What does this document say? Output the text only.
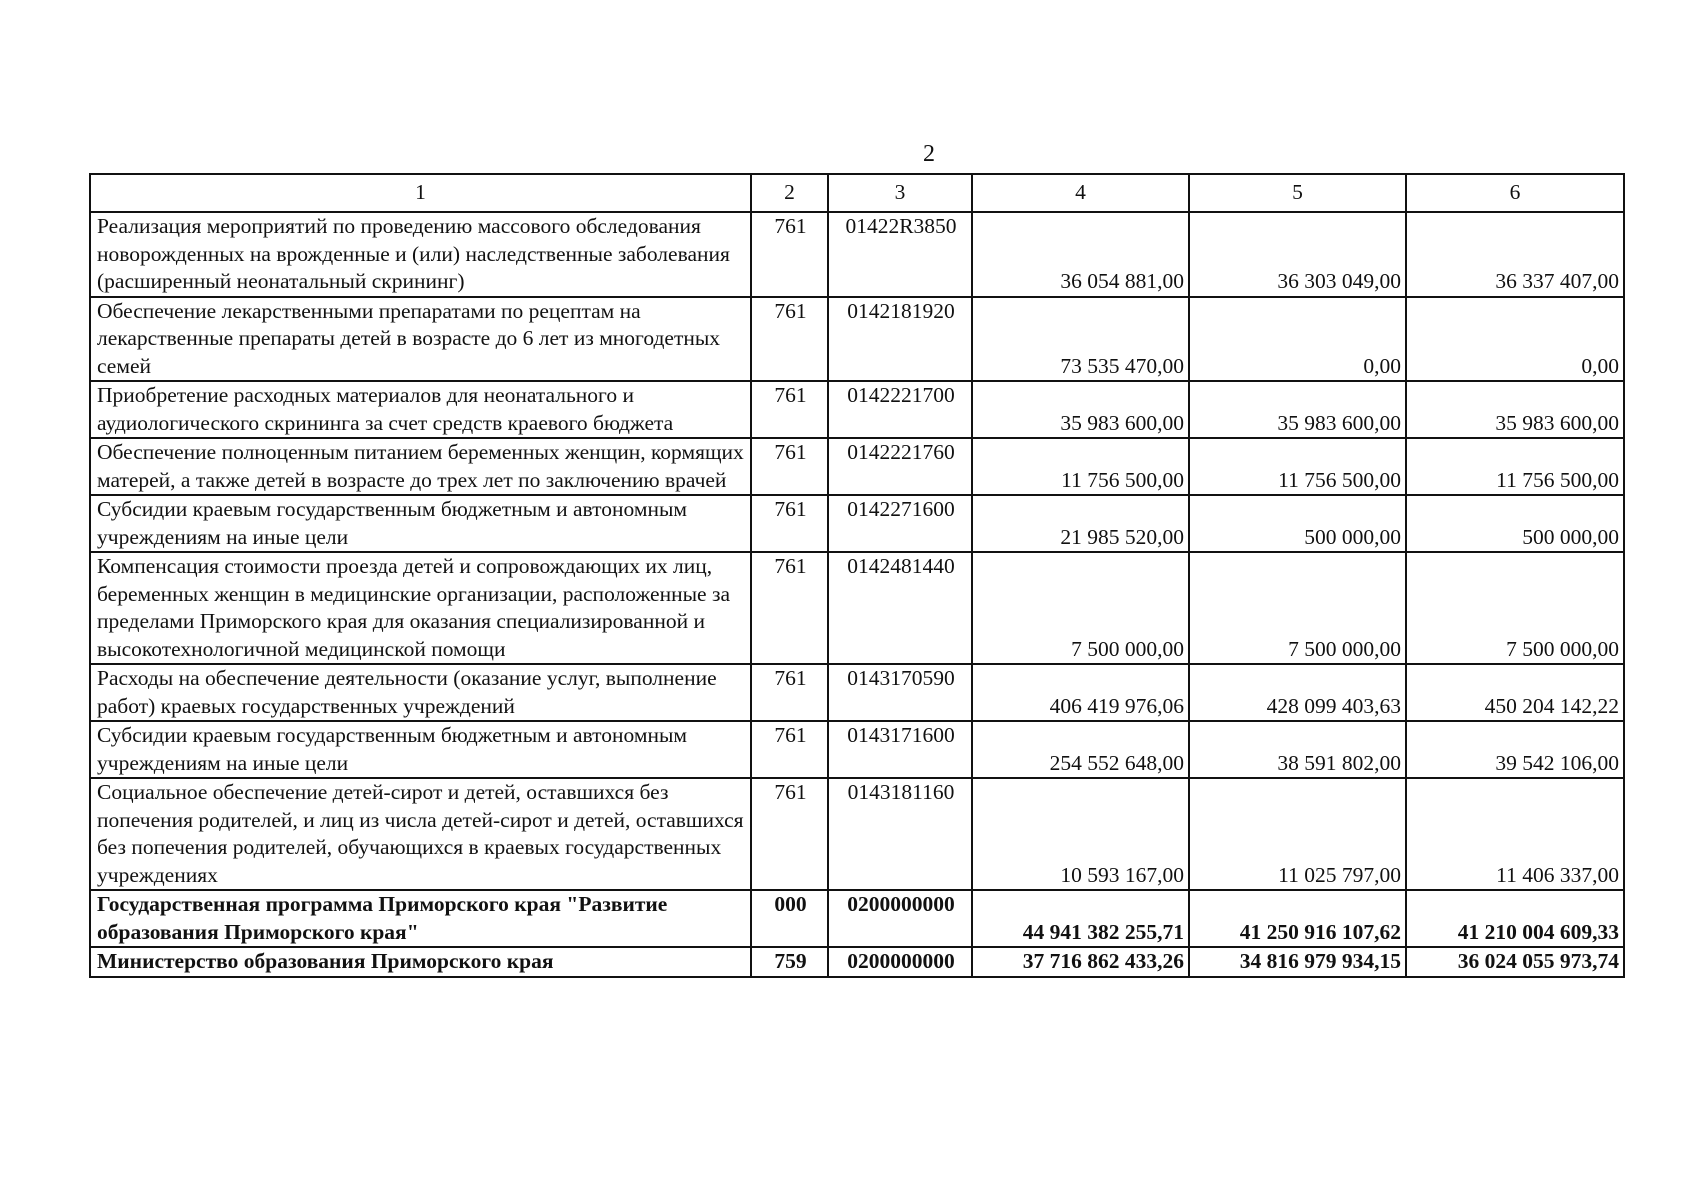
2
1	2	3	4	5	6
Реализация мероприятий по проведению массового обследования новорожденных на врожденные и (или) наследственные заболевания (расширенный неонатальный скрининг)	761	01422R3850	36 054 881,00	36 303 049,00	36 337 407,00
Обеспечение лекарственными препаратами по рецептам на лекарственные препараты детей в возрасте до 6 лет из многодетных семей	761	0142181920	73 535 470,00	0,00	0,00
Приобретение расходных материалов для неонатального и аудиологического скрининга за счет средств краевого бюджета	761	0142221700	35 983 600,00	35 983 600,00	35 983 600,00
Обеспечение полноценным питанием беременных женщин, кормящих матерей, а также детей в возрасте до трех лет по заключению врачей	761	0142221760	11 756 500,00	11 756 500,00	11 756 500,00
Субсидии краевым государственным бюджетным и автономным учреждениям на иные цели	761	0142271600	21 985 520,00	500 000,00	500 000,00
Компенсация стоимости проезда детей и сопровождающих их лиц, беременных женщин в медицинские организации, расположенные за пределами Приморского края для оказания специализированной и высокотехнологичной медицинской помощи	761	0142481440	7 500 000,00	7 500 000,00	7 500 000,00
Расходы на обеспечение деятельности (оказание услуг, выполнение работ) краевых государственных учреждений	761	0143170590	406 419 976,06	428 099 403,63	450 204 142,22
Субсидии краевым государственным бюджетным и автономным учреждениям на иные цели	761	0143171600	254 552 648,00	38 591 802,00	39 542 106,00
Социальное обеспечение детей-сирот и детей, оставшихся без попечения родителей, и лиц из числа детей-сирот и детей, оставшихся без попечения родителей, обучающихся в краевых государственных учреждениях	761	0143181160	10 593 167,00	11 025 797,00	11 406 337,00
Государственная программа Приморского края "Развитие образования Приморского края"	000	0200000000	44 941 382 255,71	41 250 916 107,62	41 210 004 609,33
Министерство образования Приморского края	759	0200000000	37 716 862 433,26	34 816 979 934,15	36 024 055 973,74
